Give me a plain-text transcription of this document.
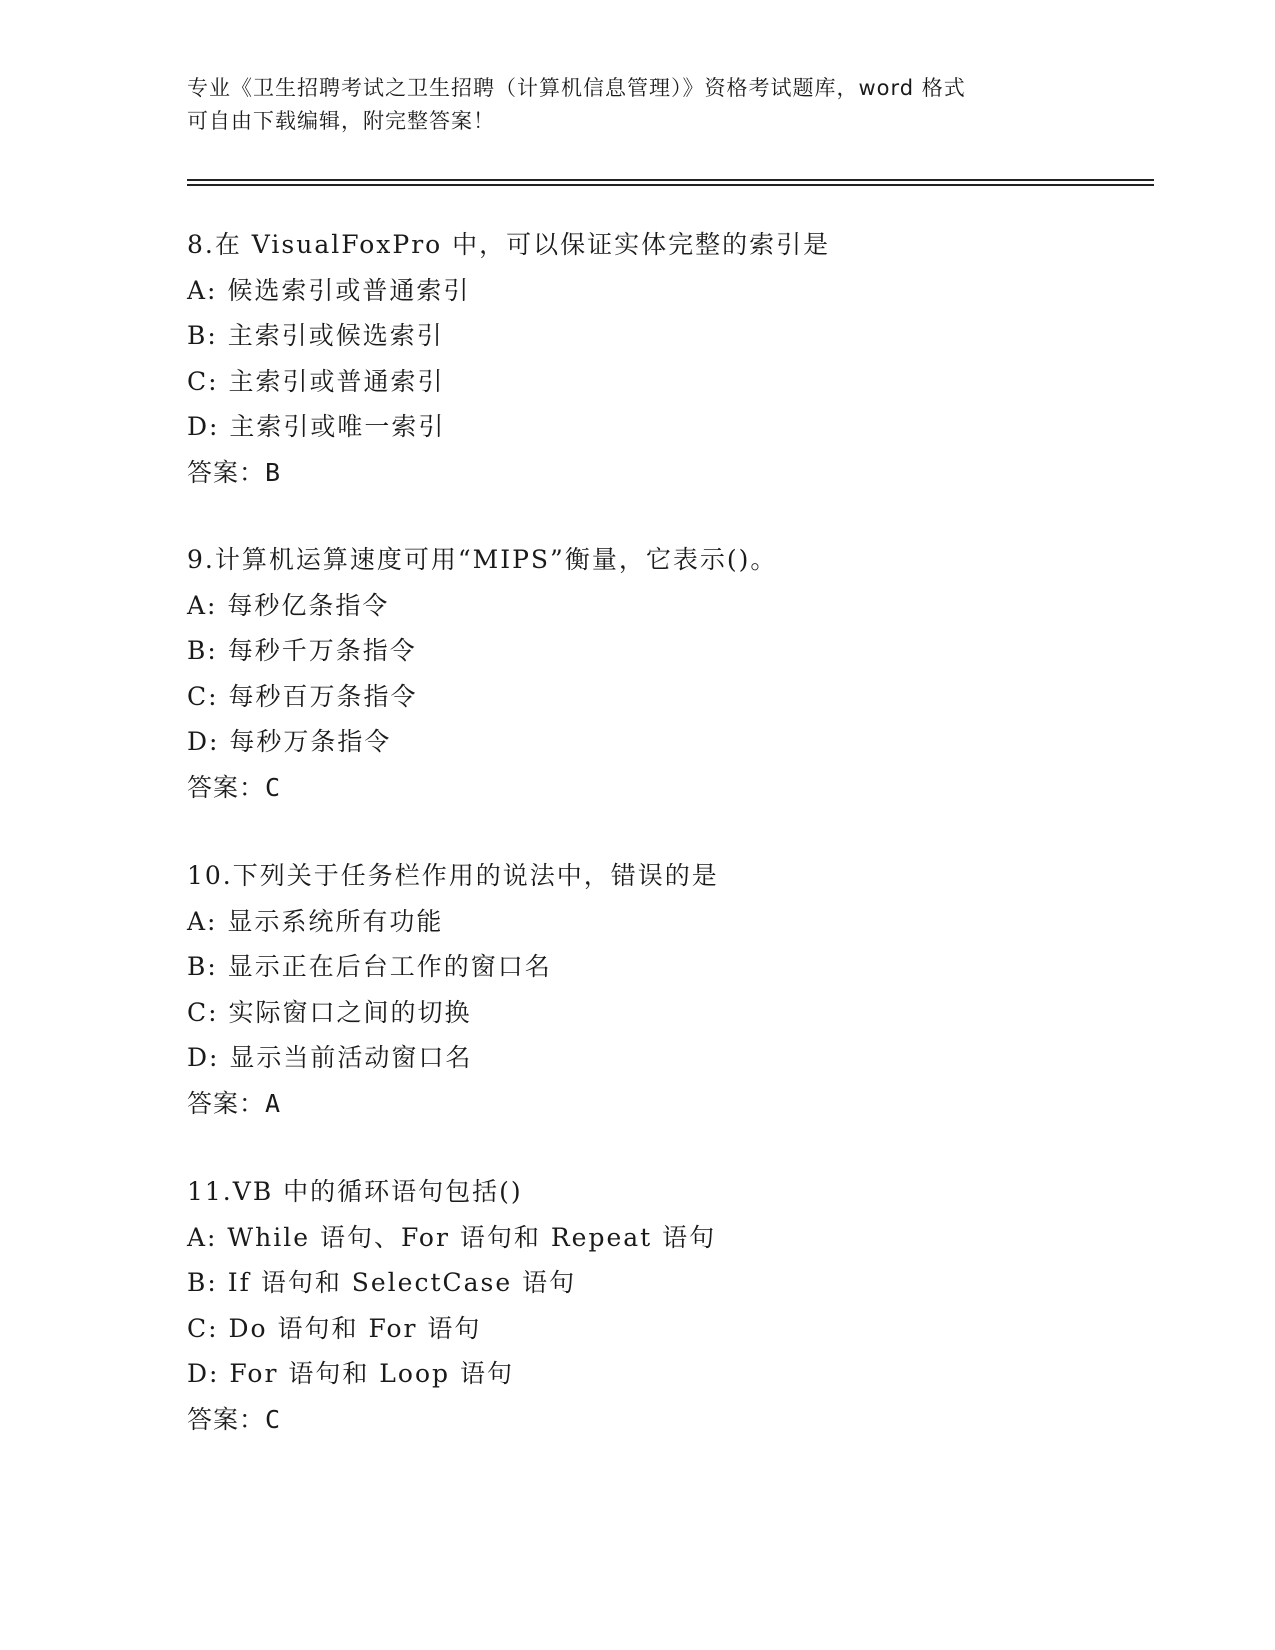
专业《卫生招聘考试之卫生招聘（计算机信息管理）》资格考试题库，word 格式
可自由下载编辑，附完整答案！
8.在 VisualFoxPro 中，可以保证实体完整的索引是
A: 候选索引或普通索引
B: 主索引或候选索引
C: 主索引或普通索引
D: 主索引或唯一索引
答案：B
9.计算机运算速度可用“MIPS”衡量，它表示()。
A: 每秒亿条指令
B: 每秒千万条指令
C: 每秒百万条指令
D: 每秒万条指令
答案：C
10.下列关于任务栏作用的说法中，错误的是
A: 显示系统所有功能
B: 显示正在后台工作的窗口名
C: 实际窗口之间的切换
D: 显示当前活动窗口名
答案：A
11.VB 中的循环语句包括()
A: While 语句、For 语句和 Repeat 语句
B: If 语句和 SelectCase 语句
C: Do 语句和 For 语句
D: For 语句和 Loop 语句
答案：C
